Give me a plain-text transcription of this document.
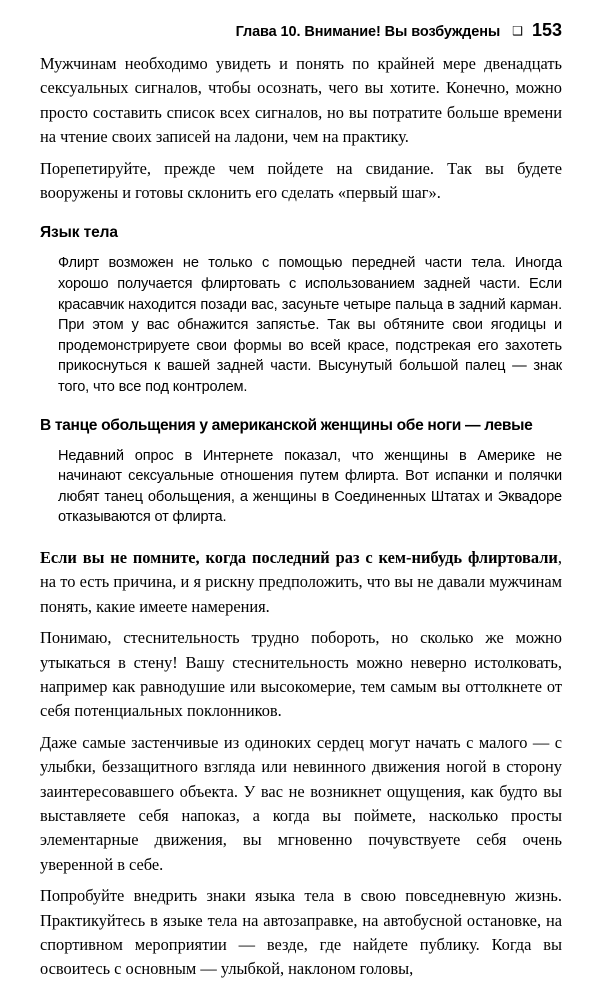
Глава 10. Внимание! Вы возбуждены ❑ 153

Мужчинам необходимо увидеть и понять по крайней мере двенадцать сексуальных сигналов, чтобы осознать, чего вы хотите. Конечно, можно просто составить список всех сигналов, но вы потратите больше времени на чтение своих записей на ладони, чем на практику.

Порепетируйте, прежде чем пойдете на свидание. Так вы будете вооружены и готовы склонить его сделать «первый шаг».

Язык тела

Флирт возможен не только с помощью передней части тела. Иногда хорошо получается флиртовать с использованием задней части. Если красавчик находится позади вас, засуньте четыре пальца в задний карман. При этом у вас обнажится запястье. Так вы обтяните свои ягодицы и продемонстрируете свои формы во всей красе, подстрекая его захотеть прикоснуться к вашей задней части. Высунутый большой палец — знак того, что все под контролем.

В танце обольщения у американской женщины обе ноги — левые

Недавний опрос в Интернете показал, что женщины в Америке не начинают сексуальные отношения путем флирта. Вот испанки и полячки любят танец обольщения, а женщины в Соединенных Штатах и Эквадоре отказываются от флирта.

Если вы не помните, когда последний раз с кем-нибудь флиртовали, на то есть причина, и я рискну предположить, что вы не давали мужчинам понять, какие имеете намерения.

Понимаю, стеснительность трудно побороть, но сколько же можно утыкаться в стену! Вашу стеснительность можно неверно истолковать, например как равнодушие или высокомерие, тем самым вы оттолкнете от себя потенциальных поклонников.

Даже самые застенчивые из одиноких сердец могут начать с малого — с улыбки, беззащитного взгляда или невинного движения ногой в сторону заинтересовавшего объекта. У вас не возникнет ощущения, как будто вы выставляете себя напоказ, а когда вы поймете, насколько просты элементарные движения, вы мгновенно почувствуете себя очень уверенной в себе.

Попробуйте внедрить знаки языка тела в свою повседневную жизнь. Практикуйтесь в языке тела на автозаправке, на автобусной остановке, на спортивном мероприятии — везде, где найдете публику. Когда вы освоитесь с основным — улыбкой, наклоном головы,
